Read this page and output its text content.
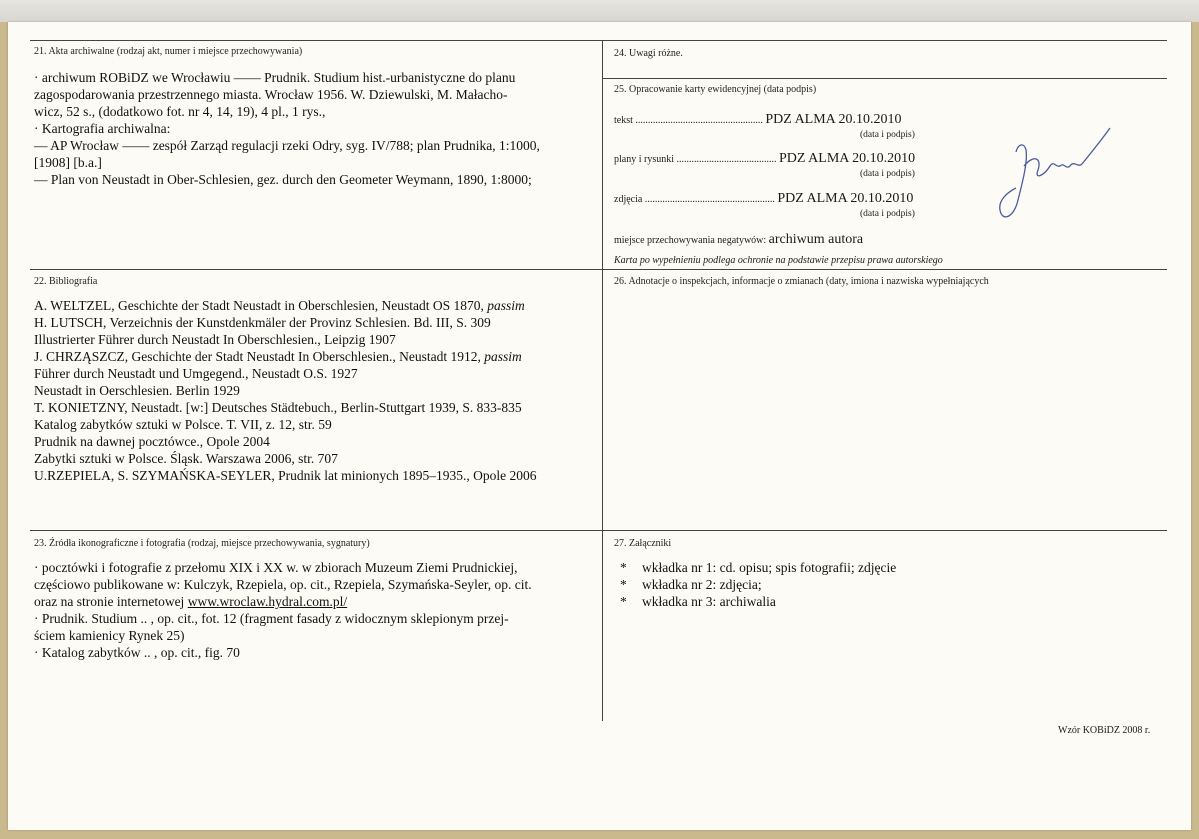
21. Akta archiwalne (rodzaj akt, numer i miejsce przechowywania)

· archiwum ROBiDZ we Wrocławiu —— Prudnik. Studium hist.-urbanistyczne do planu

zagospodarowania przestrzennego miasta. Wrocław 1956. W. Dziewulski, M. Małacho-

wicz, 52 s., (dodatkowo fot. nr 4, 14, 19), 4 pl., 1 rys.,

· Kartografia archiwalna:

— AP Wrocław —— zespół Zarząd regulacji rzeki Odry, syg. IV/788; plan Prudnika, 1:1000,

[1908] [b.a.]

— Plan von Neustadt in Ober-Schlesien, gez. durch den Geometer Weymann, 1890, 1:8000;

24. Uwagi różne.
25. Opracowanie karty ewidencyjnej (data podpis)
tekst ................................................... PDZ ALMA 20.10.2010
(data i podpis)
plany i rysunki ........................................ PDZ ALMA 20.10.2010
(data i podpis)
zdjęcia .................................................... PDZ ALMA 20.10.2010
(data i podpis)
miejsce przechowywania negatywów: archiwum autora
Karta po wypełnieniu podlega ochronie na podstawie przepisu prawa autorskiego
22. Bibliografia

A. WELTZEL, Geschichte der Stadt Neustadt in Oberschlesien, Neustadt OS 1870, passim

H. LUTSCH, Verzeichnis der Kunstdenkmäler der Provinz Schlesien. Bd. III, S. 309

Illustrierter Führer durch Neustadt In Oberschlesien., Leipzig 1907

J. CHRZĄSZCZ, Geschichte der Stadt Neustadt In Oberschlesien., Neustadt 1912, passim

Führer durch Neustadt und Umgegend., Neustadt O.S. 1927

Neustadt in Oerschlesien. Berlin 1929

T. KONIETZNY, Neustadt. [w:] Deutsches Städtebuch., Berlin-Stuttgart 1939, S. 833-835

Katalog zabytków sztuki w Polsce. T. VII, z. 12, str. 59

Prudnik na dawnej pocztówce., Opole 2004

Zabytki sztuki w Polsce. Śląsk. Warszawa 2006, str. 707

U.RZEPIELA, S. SZYMAŃSKA-SEYLER, Prudnik lat minionych 1895–1935., Opole 2006

26. Adnotacje o inspekcjach, informacje o zmianach (daty, imiona i nazwiska wypełniających
23. Źródła ikonograficzne i fotografia (rodzaj, miejsce przechowywania, sygnatury)

· pocztówki i fotografie z przełomu XIX i XX w. w zbiorach Muzeum Ziemi Prudnickiej,

częściowo publikowane w: Kulczyk, Rzepiela, op. cit., Rzepiela, Szymańska-Seyler, op. cit.

oraz na stronie internetowej www.wroclaw.hydral.com.pl/

· Prudnik. Studium .. , op. cit., fot. 12 (fragment fasady z widocznym sklepionym przej-

ściem kamienicy Rynek 25)

· Katalog zabytków .. , op. cit., fig. 70

27. Załączniki

* wkładka nr 1: cd. opisu; spis fotografii; zdjęcie

* wkładka nr 2: zdjęcia;

* wkładka nr 3: archiwalia

Wzór KOBiDZ 2008 r.
